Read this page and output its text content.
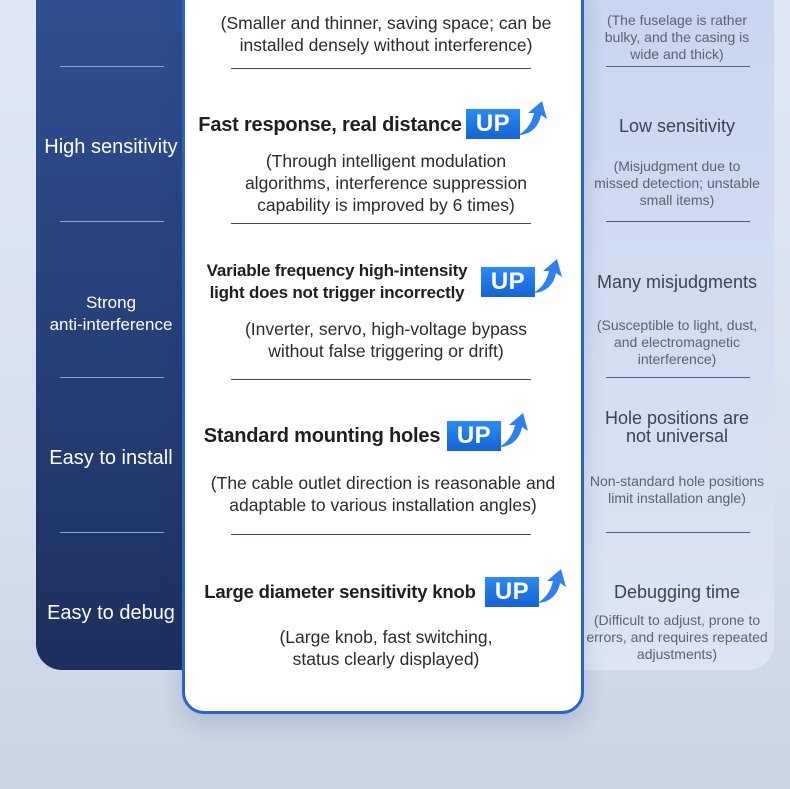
High sensitivity
Strong
anti-interference
Easy to install
Easy to debug
(The fuselage is rather
bulky, and the casing is
wide and thick)
Low sensitivity
(Misjudgment due to
missed detection; unstable
small items)
Many misjudgments
(Susceptible to light, dust,
and electromagnetic
interference)
Hole positions are
not universal
Non-standard hole positions
limit installation angle)
Debugging time
(Difficult to adjust, prone to
errors, and requires repeated
adjustments)
(Smaller and thinner, saving space; can be
installed densely without interference)
Fast response, real distance UP
(Through intelligent modulation
algorithms, interference suppression
capability is improved by 6 times)
Variable frequency high-intensity
light does not trigger incorrectly	UP
(Inverter, servo, high-voltage bypass
without false triggering or drift)
Standard mounting holes UP
(The cable outlet direction is reasonable and
adaptable to various installation angles)
Large diameter sensitivity knob UP
(Large knob, fast switching,
status clearly displayed)
